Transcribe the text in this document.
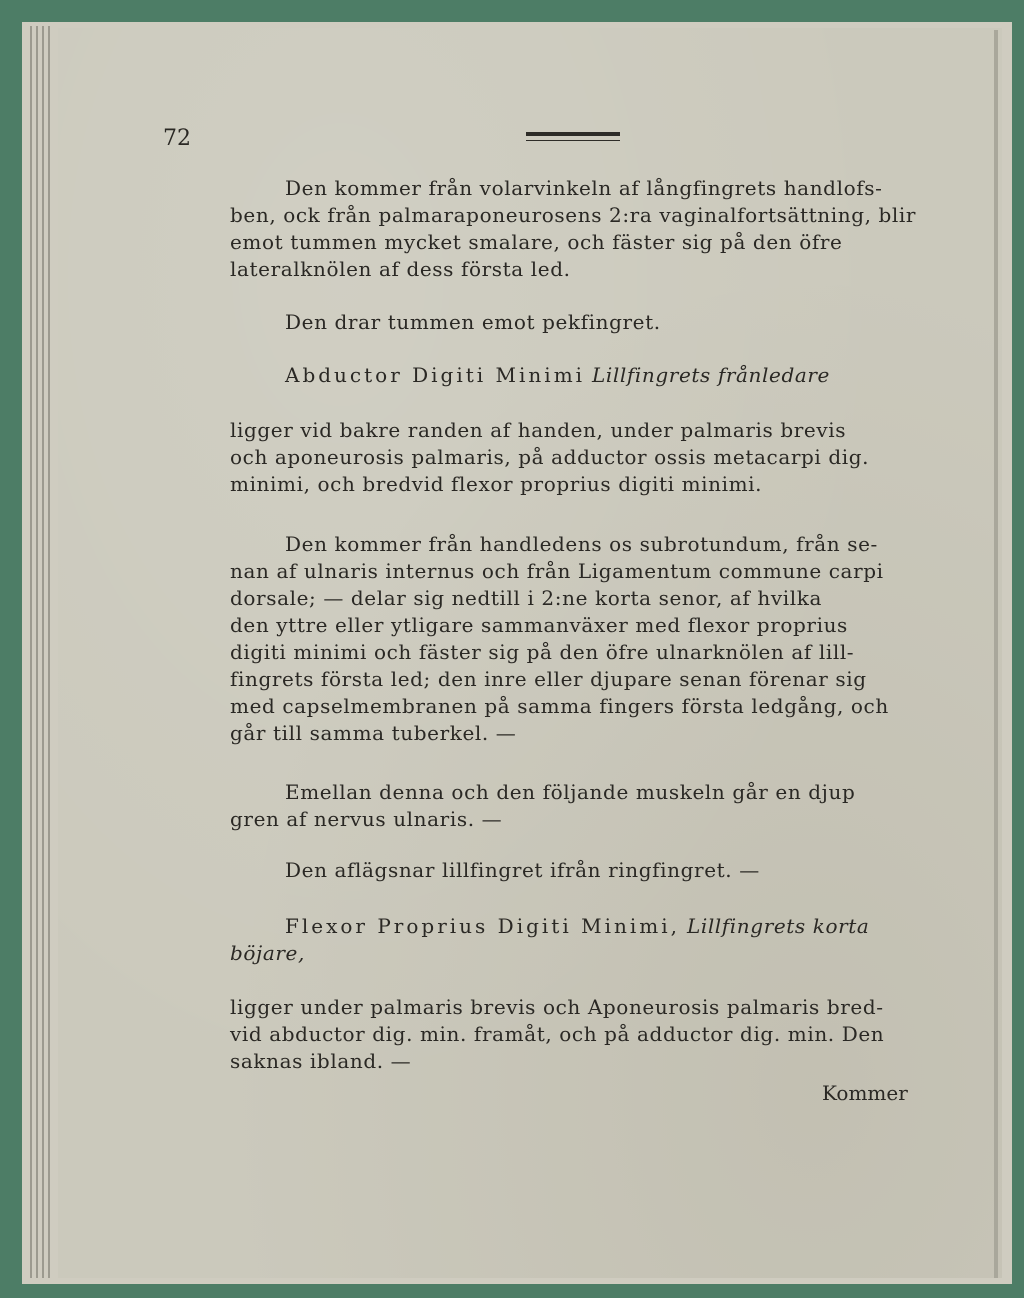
72

Den kommer från volarvinkeln af långfingrets handlofs-

ben, ock från palmaraponeurosens 2:ra vaginalfortsättning, blir

emot tummen mycket smalare, och fäster sig på den öfre

lateralknölen af dess första led.

Den drar tummen emot pekfingret.

Abductor Digiti Minimi Lillfingrets frånledare

ligger vid bakre randen af handen, under palmaris brevis

och aponeurosis palmaris, på adductor ossis metacarpi dig.

minimi, och bredvid flexor proprius digiti minimi.

Den kommer från handledens os subrotundum, från se-

nan af ulnaris internus och från Ligamentum commune carpi

dorsale; — delar sig nedtill i 2:ne korta senor, af hvilka

den yttre eller ytligare sammanväxer med flexor proprius

digiti minimi och fäster sig på den öfre ulnarknölen af lill-

fingrets första led; den inre eller djupare senan förenar sig

med capselmembranen på samma fingers första ledgång, och

går till samma tuberkel. —

Emellan denna och den följande muskeln går en djup

gren af nervus ulnaris. —

Den aflägsnar lillfingret ifrån ringfingret. —

Flexor Proprius Digiti Minimi, Lillfingrets korta

böjare,

ligger under palmaris brevis och Aponeurosis palmaris bred-

vid abductor dig. min. framåt, och på adductor dig. min. Den

saknas ibland. —

Kommer
